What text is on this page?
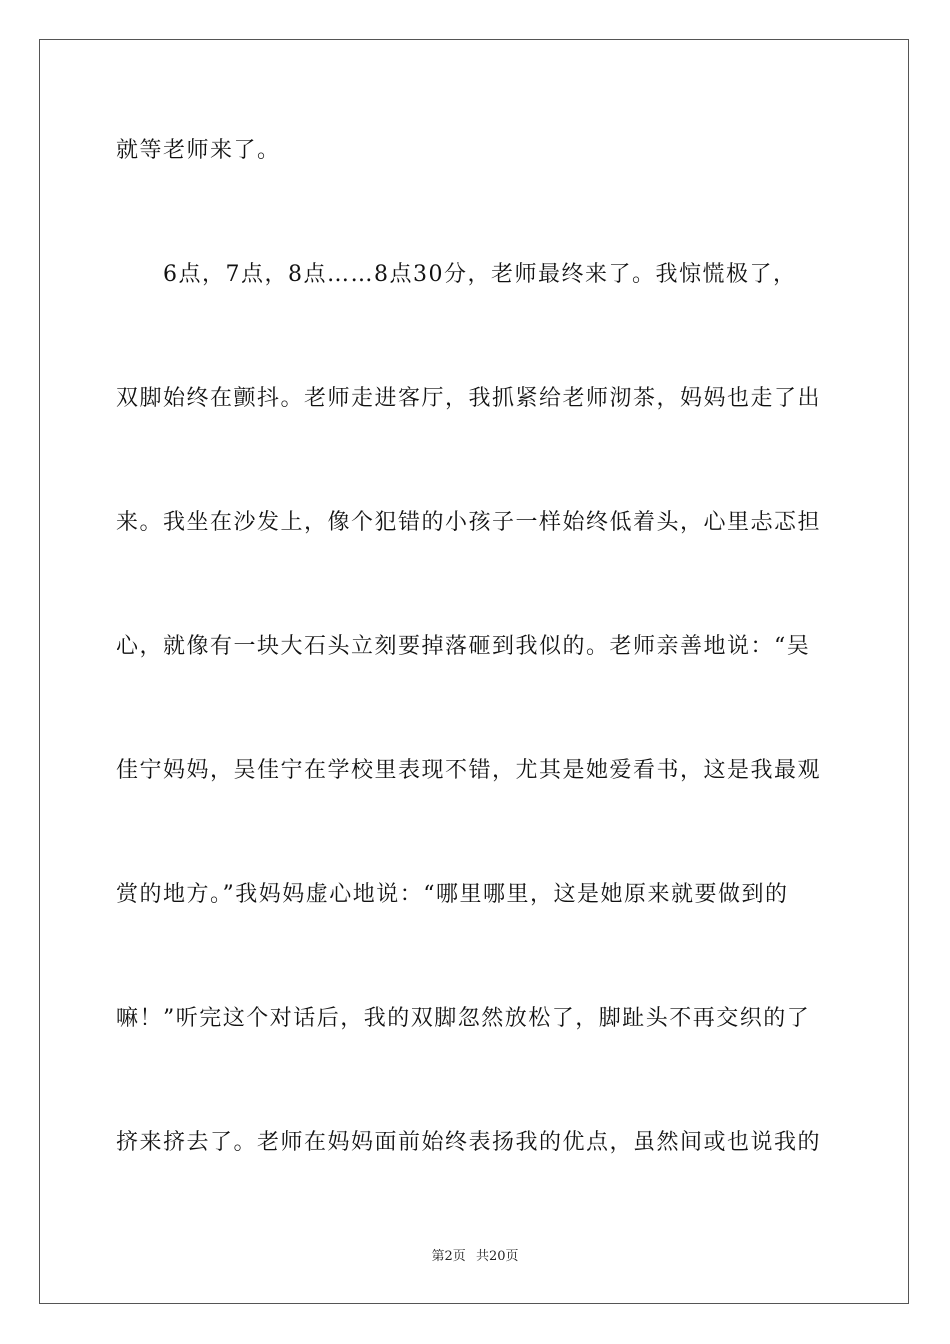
就等老师来了。
6点，7点，8点……8点30分，老师最终来了。我惊慌极了，
双脚始终在颤抖。老师走进客厅，我抓紧给老师沏茶，妈妈也走了出
来。我坐在沙发上，像个犯错的小孩子一样始终低着头，心里忐忑担
心，就像有一块大石头立刻要掉落砸到我似的。老师亲善地说：“吴
佳宁妈妈，吴佳宁在学校里表现不错，尤其是她爱看书，这是我最观
赏的地方。”我妈妈虚心地说：“哪里哪里，这是她原来就要做到的
嘛！”听完这个对话后，我的双脚忽然放松了，脚趾头不再交织的了
挤来挤去了。老师在妈妈面前始终表扬我的优点，虽然间或也说我的
第2页 共20页
